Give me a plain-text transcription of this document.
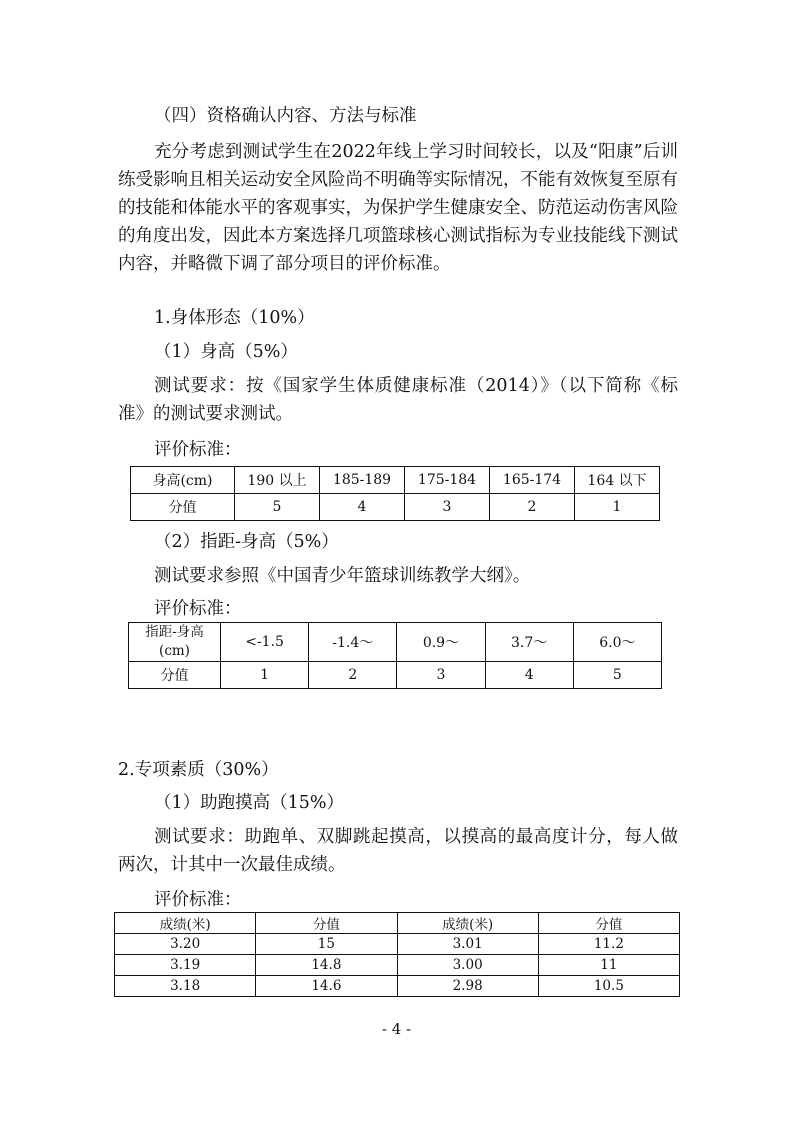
（四）资格确认内容、方法与标准

充分考虑到测试学生在2022年线上学习时间较长，以及“阳康”后训练受影响且相关运动安全风险尚不明确等实际情况，不能有效恢复至原有的技能和体能水平的客观事实，为保护学生健康安全、防范运动伤害风险的角度出发，因此本方案选择几项篮球核心测试指标为专业技能线下测试内容，并略微下调了部分项目的评价标准。

1.身体形态（10%）
（1）身高（5%）

测试要求：按《国家学生体质健康标准（2014）》（以下简称《标准》的测试要求测试。

评价标准：
身高(cm)	190 以上	185-189	175-184	165-174	164 以下
分值	5	4	3	2	1
（2）指距-身高（5%）
测试要求参照《中国青少年篮球训练教学大纲》。
评价标准：
指距-身高
(cm)	<-1.5	-1.4～	0.9～	3.7～	6.0～
分值	1	2	3	4	5
2.专项素质（30%）
（1）助跑摸高（15%）

测试要求：助跑单、双脚跳起摸高，以摸高的最高度计分，每人做两次，计其中一次最佳成绩。

评价标准：
成绩(米)	分值	成绩(米)	分值
3.20	15	3.01	11.2
3.19	14.8	3.00	11
3.18	14.6	2.98	10.5
- 4 -
